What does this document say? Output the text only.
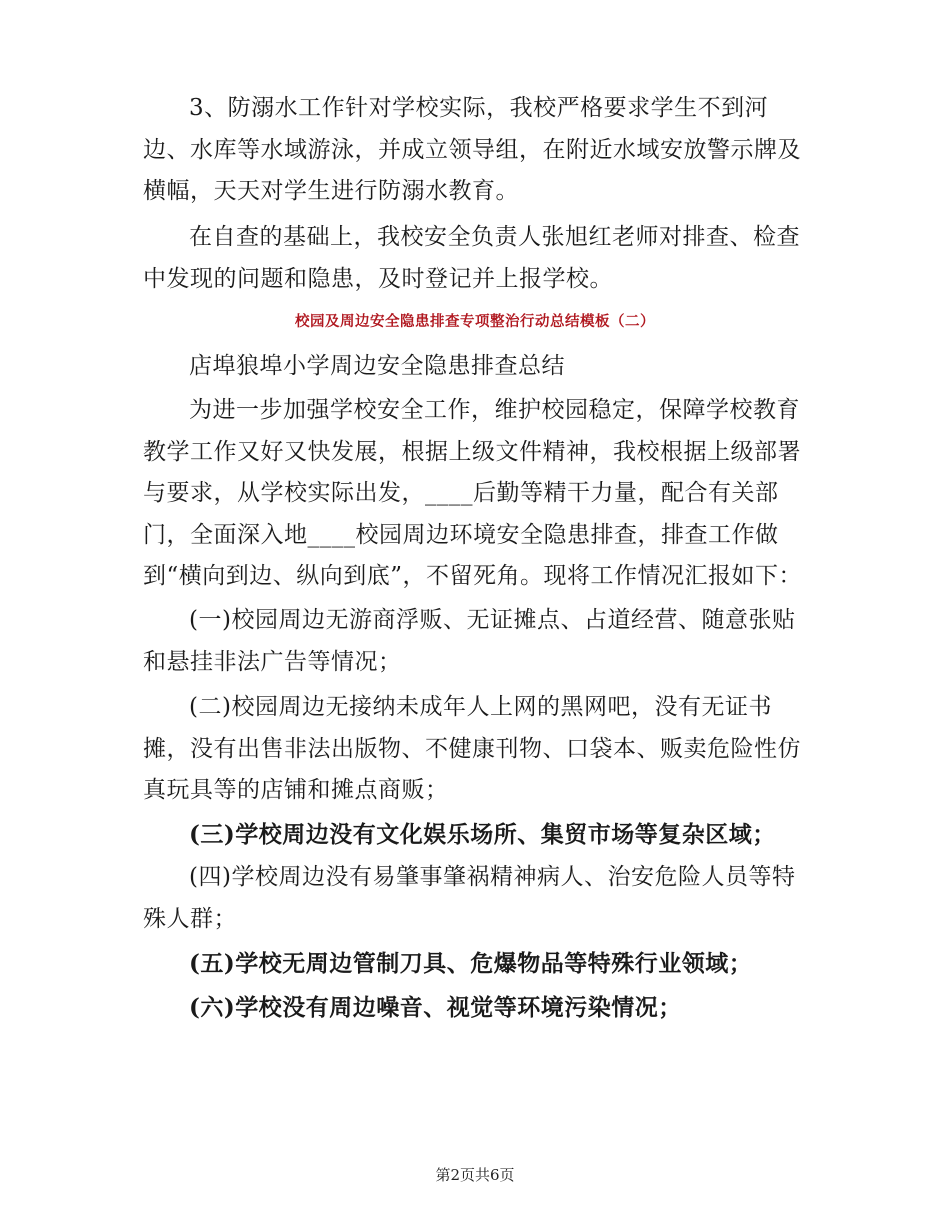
3、防溺水工作针对学校实际，我校严格要求学生不到河边、水库等水域游泳，并成立领导组，在附近水域安放警示牌及横幅，天天对学生进行防溺水教育。
在自查的基础上，我校安全负责人张旭红老师对排查、检查中发现的问题和隐患，及时登记并上报学校。
校园及周边安全隐患排查专项整治行动总结模板（二）
店埠狼埠小学周边安全隐患排查总结
为进一步加强学校安全工作，维护校园稳定，保障学校教育教学工作又好又快发展，根据上级文件精神，我校根据上级部署与要求，从学校实际出发，____后勤等精干力量，配合有关部门，全面深入地____校园周边环境安全隐患排查，排查工作做到“横向到边、纵向到底”，不留死角。现将工作情况汇报如下：
(一)校园周边无游商浮贩、无证摊点、占道经营、随意张贴和悬挂非法广告等情况；
(二)校园周边无接纳未成年人上网的黑网吧，没有无证书摊，没有出售非法出版物、不健康刊物、口袋本、贩卖危险性仿真玩具等的店铺和摊点商贩；
(三)学校周边没有文化娱乐场所、集贸市场等复杂区域；
(四)学校周边没有易肇事肇祸精神病人、治安危险人员等特殊人群；
(五)学校无周边管制刀具、危爆物品等特殊行业领域；
(六)学校没有周边噪音、视觉等环境污染情况；
第2页共6页
